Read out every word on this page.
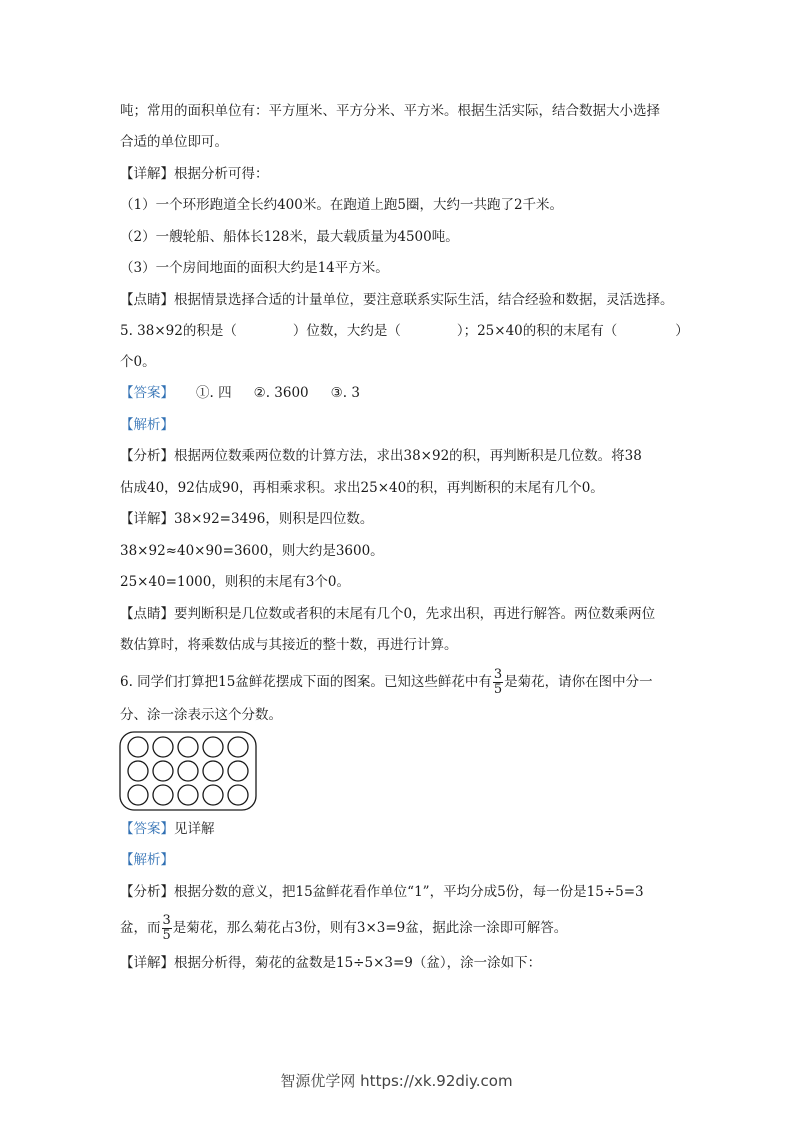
吨；常用的面积单位有：平方厘米、平方分米、平方米。根据生活实际，结合数据大小选择
合适的单位即可。
【详解】根据分析可得：
（1）一个环形跑道全长约400米。在跑道上跑5圈，大约一共跑了2千米。
（2）一艘轮船、船体长128米，最大载质量为4500吨。
（3）一个房间地面的面积大约是14平方米。
【点睛】根据情景选择合适的计量单位，要注意联系实际生活，结合经验和数据，灵活选择。
5. 38×92的积是（	）位数，大约是（	）；25×40的积的末尾有（	）
个0。
【答案】 ①. 四 ②. 3600 ③. 3
【解析】
【分析】根据两位数乘两位数的计算方法，求出38×92的积，再判断积是几位数。将38
估成40，92估成90，再相乘求积。求出25×40的积，再判断积的末尾有几个0。
【详解】38×92=3496，则积是四位数。
38×92≈40×90=3600，则大约是3600。
25×40=1000，则积的末尾有3个0。
【点睛】要判断积是几位数或者积的末尾有几个0，先求出积，再进行解答。两位数乘两位
数估算时，将乘数估成与其接近的整十数，再进行计算。
6. 同学们打算把15盆鲜花摆成下面的图案。已知这些鲜花中有 $\frac{3}{5}$ 是菊花，请你在图中分一
分、涂一涂表示这个分数。
【答案】见详解
【解析】
【分析】根据分数的意义，把15盆鲜花看作单位“1”，平均分成5份，每一份是15÷5=3
盆，而 $\frac{3}{5}$ 是菊花，那么菊花占3份，则有3×3=9盆，据此涂一涂即可解答。
【详解】根据分析得，菊花的盆数是15÷5×3=9（盆），涂一涂如下：
智源优学网 https://xk.92diy.com
